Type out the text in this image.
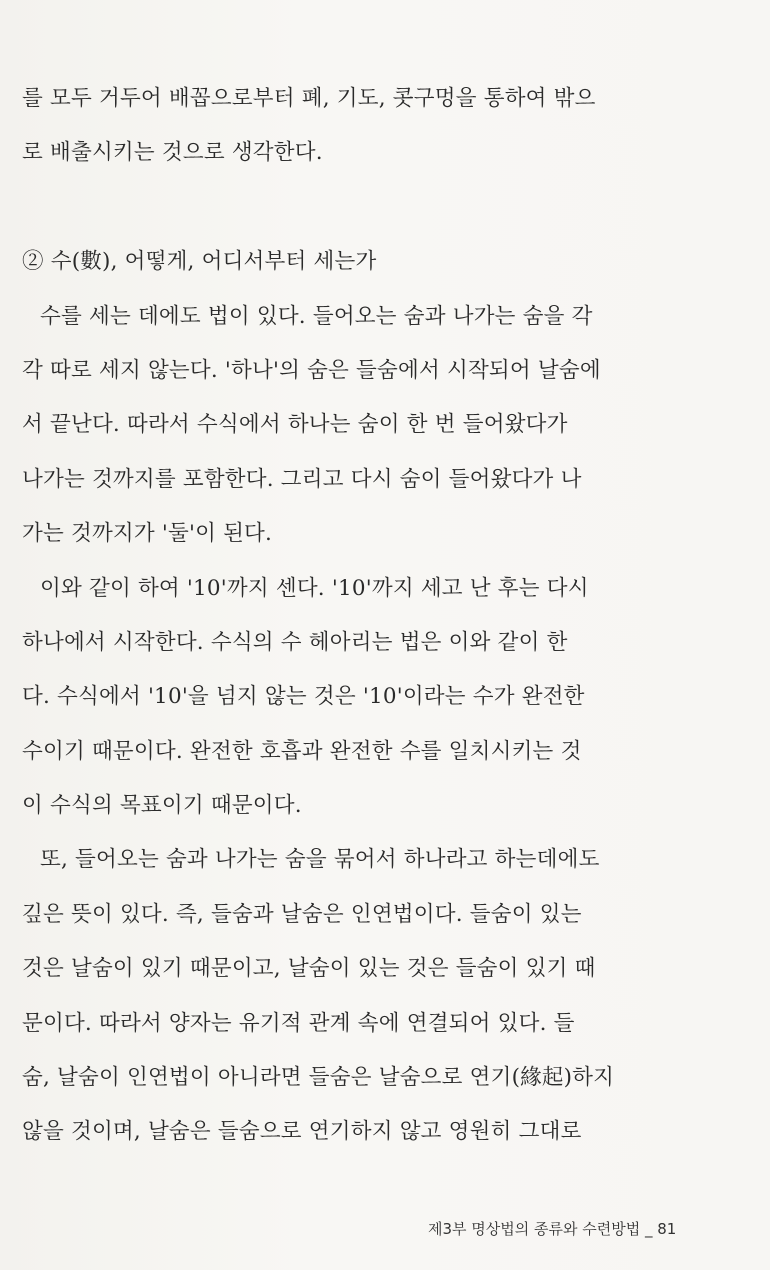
를 모두 거두어 배꼽으로부터 폐, 기도, 콧구멍을 통하여 밖으
로 배출시키는 것으로 생각한다.
② 수(數), 어떻게, 어디서부터 세는가
수를 세는 데에도 법이 있다. 들어오는 숨과 나가는 숨을 각
각 따로 세지 않는다. '하나'의 숨은 들숨에서 시작되어 날숨에
서 끝난다. 따라서 수식에서 하나는 숨이 한 번 들어왔다가
나가는 것까지를 포함한다. 그리고 다시 숨이 들어왔다가 나
가는 것까지가 '둘'이 된다.
이와 같이 하여 '10'까지 센다. '10'까지 세고 난 후는 다시
하나에서 시작한다. 수식의 수 헤아리는 법은 이와 같이 한
다. 수식에서 '10'을 넘지 않는 것은 '10'이라는 수가 완전한
수이기 때문이다. 완전한 호흡과 완전한 수를 일치시키는 것
이 수식의 목표이기 때문이다.
또, 들어오는 숨과 나가는 숨을 묶어서 하나라고 하는데에도
깊은 뜻이 있다. 즉, 들숨과 날숨은 인연법이다. 들숨이 있는
것은 날숨이 있기 때문이고, 날숨이 있는 것은 들숨이 있기 때
문이다. 따라서 양자는 유기적 관계 속에 연결되어 있다. 들
숨, 날숨이 인연법이 아니라면 들숨은 날숨으로 연기(緣起)하지
않을 것이며, 날숨은 들숨으로 연기하지 않고 영원히 그대로
제3부 명상법의 종류와 수련방법 _ 81
